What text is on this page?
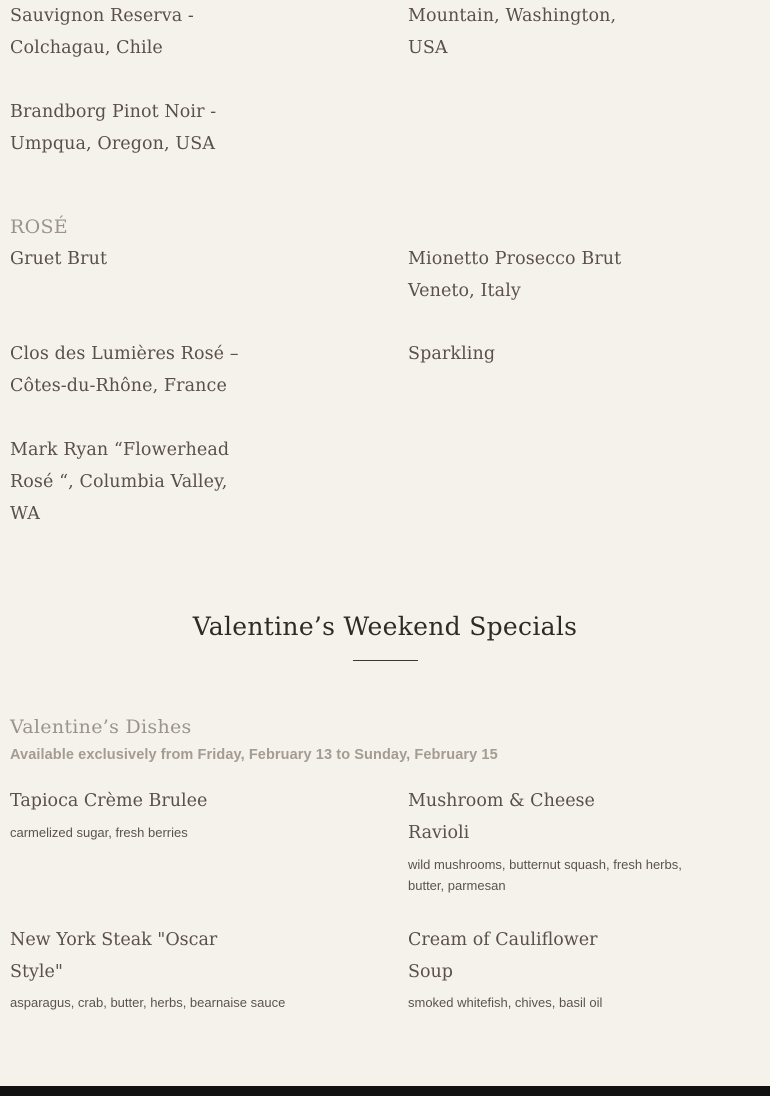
Sauvignon Reserva - Colchagau, Chile
Mountain, Washington, USA
Brandborg Pinot Noir - Umpqua, Oregon, USA
ROSÉ
Gruet Brut
Clos des Lumières Rosé – Côtes-du-Rhône, France
Mark Ryan “Flowerhead Rosé “, Columbia Valley, WA
Mionetto Prosecco Brut Veneto, Italy
Sparkling
Valentine’s Weekend Specials
Valentine’s Dishes
Available exclusively from Friday, February 13 to Sunday, February 15
Tapioca Crème Brulee
carmelized sugar, fresh berries
Mushroom & Cheese Ravioli
wild mushrooms, butternut squash, fresh herbs, butter, parmesan
New York Steak "Oscar Style"
asparagus, crab, butter, herbs, bearnaise sauce
Cream of Cauliflower Soup
smoked whitefish, chives, basil oil
